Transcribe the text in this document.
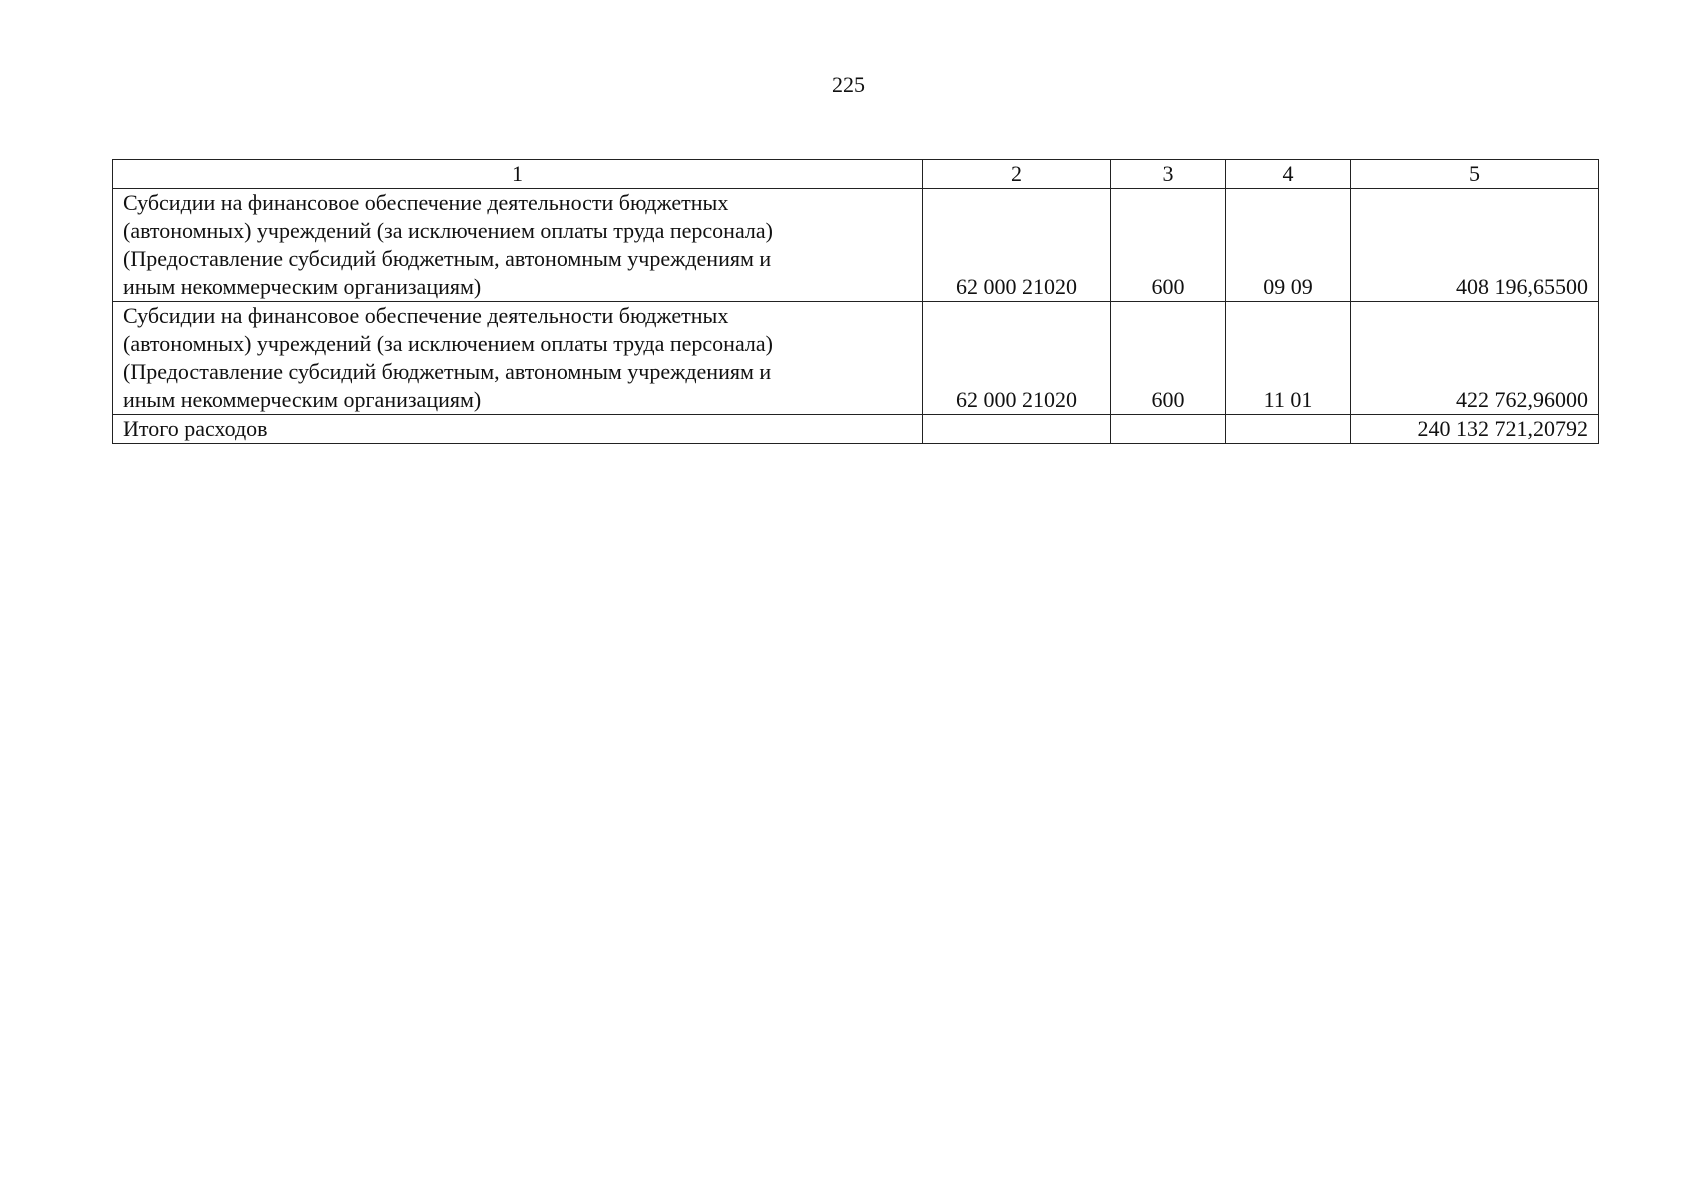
225
1	2	3	4	5

Субсидии на финансовое обеспечение деятельности бюджетных
(автономных) учреждений (за исключением оплаты труда персонала)
(Предоставление субсидий бюджетным, автономным учреждениям и
иным некоммерческим организациям)	62 000 21020	600	09 09	408 196,65500

Субсидии на финансовое обеспечение деятельности бюджетных
(автономных) учреждений (за исключением оплаты труда персонала)
(Предоставление субсидий бюджетным, автономным учреждениям и
иным некоммерческим организациям)	62 000 21020	600	11 01	422 762,96000
Итого расходов				240 132 721,20792
